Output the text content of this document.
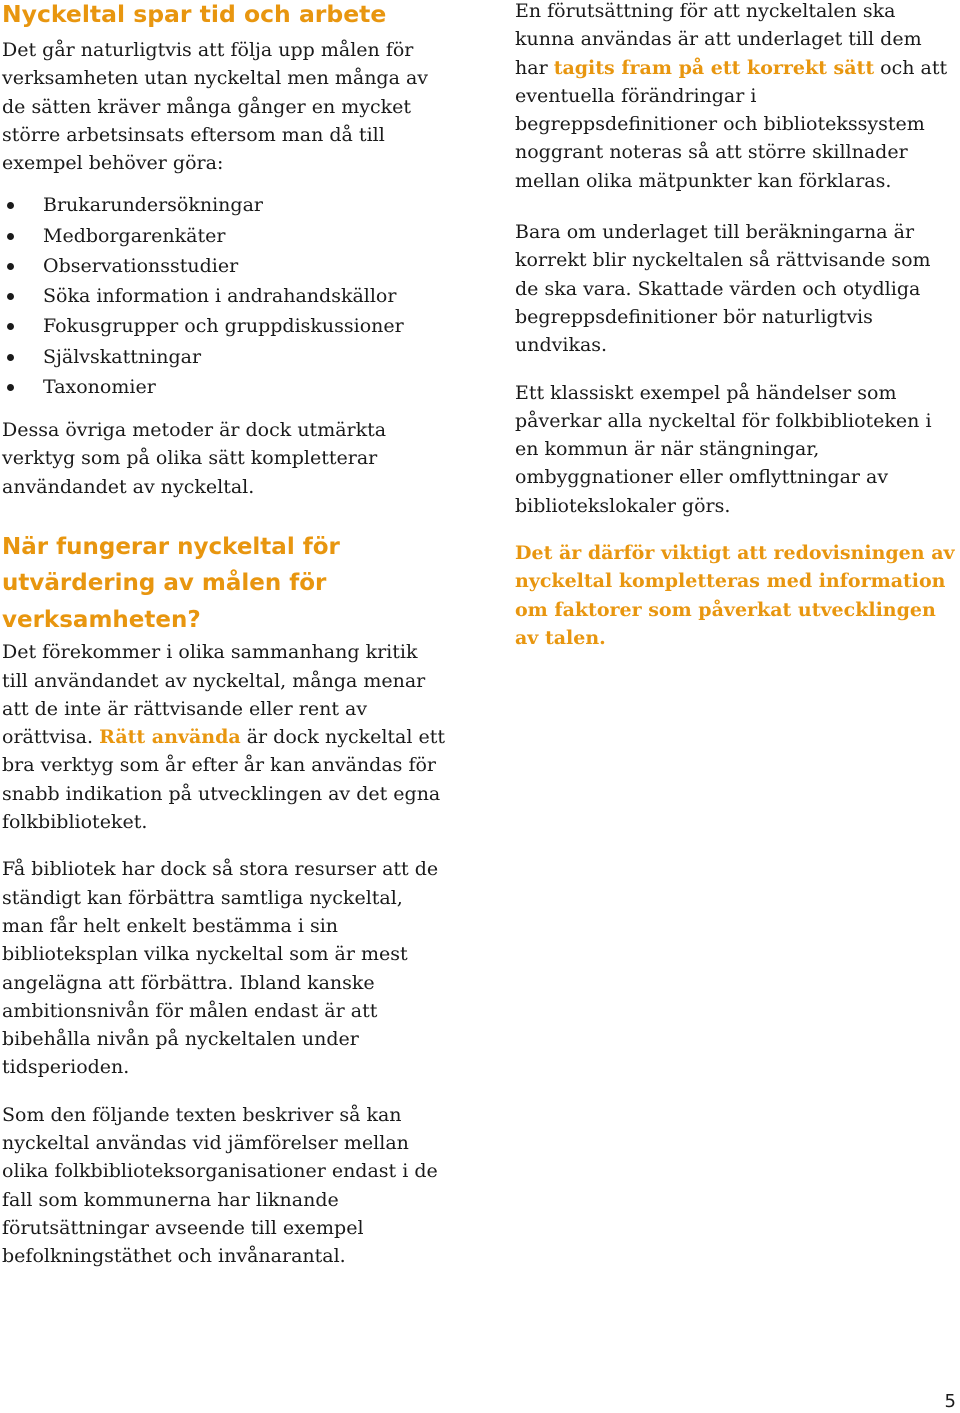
Nyckeltal spar tid och arbete

Det går naturligtvis att följa upp målen för verksamheten utan nyckeltal men många av de sätten kräver många gånger en mycket större arbetsinsats eftersom man då till exempel behöver göra:

Brukarundersökningar
Medborgarenkäter
Observationsstudier
Söka information i andrahandskällor
Fokusgrupper och gruppdiskussioner
Självskattningar
Taxonomier

Dessa övriga metoder är dock utmärkta verktyg som på olika sätt kompletterar användandet av nyckeltal.

När fungerar nyckeltal för utvärdering av målen för verksamheten?

Det förekommer i olika sammanhang kritik till användandet av nyckeltal, många menar att de inte är rättvisande eller rent av orättvisa. Rätt använda är dock nyckeltal ett bra verktyg som år efter år kan användas för snabb indikation på utvecklingen av det egna folkbiblioteket.

Få bibliotek har dock så stora resurser att de ständigt kan förbättra samtliga nyckeltal, man får helt enkelt bestämma i sin biblioteksplan vilka nyckeltal som är mest angelägna att förbättra. Ibland kanske ambitionsnivån för målen endast är att bibehålla nivån på nyckeltalen under tidsperioden.

Som den följande texten beskriver så kan nyckeltal användas vid jämförelser mellan olika folkbiblioteksorganisationer endast i de fall som kommunerna har liknande förutsättningar avseende till exempel befolkningstäthet och invånarantal.

En förutsättning för att nyckeltalen ska kunna användas är att underlaget till dem har tagits fram på ett korrekt sätt och att eventuella förändringar i begreppsdefinitioner och bibliotekssystem noggrant noteras så att större skillnader mellan olika mätpunkter kan förklaras.

Bara om underlaget till beräkningarna är korrekt blir nyckeltalen så rättvisande som de ska vara. Skattade värden och otydliga begreppsdefinitioner bör naturligtvis undvikas.

Ett klassiskt exempel på händelser som påverkar alla nyckeltal för folkbiblioteken i en kommun är när stängningar, ombyggnationer eller omflyttningar av bibliotekslokaler görs.

Det är därför viktigt att redovisningen av nyckeltal kompletteras med information om faktorer som påverkat utvecklingen av talen.

5
